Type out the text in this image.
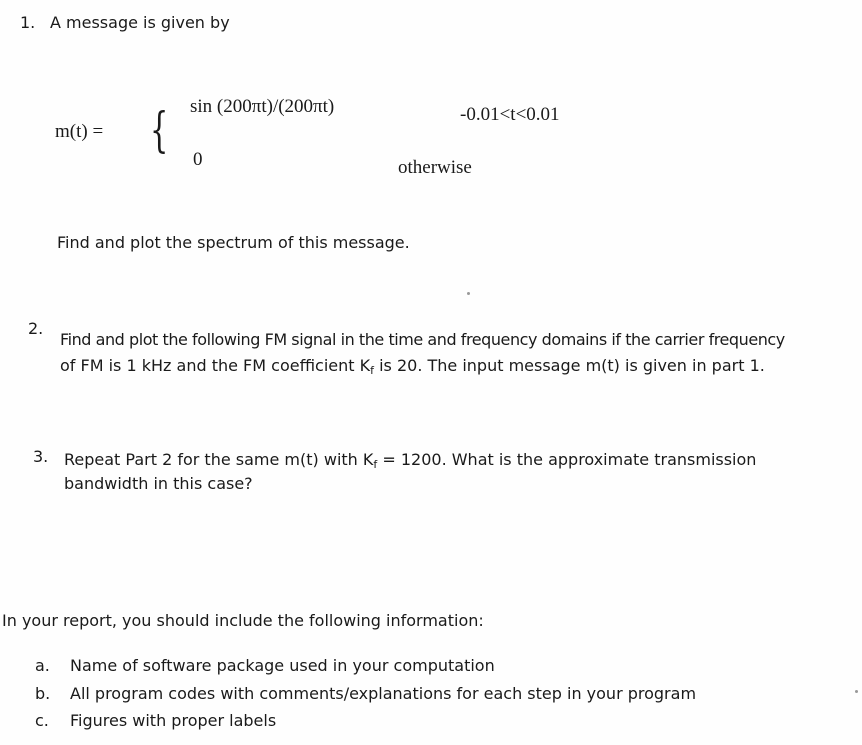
1. A message is given by
m(t) = { sin (200πt)/(200πt)	-0.01<t<0.01
0	otherwise
Find and plot the spectrum of this message.
2.
Find and plot the following FM signal in the time and frequency domains if the carrier frequency
of FM is 1 kHz and the FM coefficient $K_f$ is 20. The input message m(t) is given in part 1.
3. Repeat Part 2 for the same m(t) with $K_f = 1200$. What is the approximate transmission
bandwidth in this case?
In your report, you should include the following information:
a. Name of software package used in your computation
b. All program codes with comments/explanations for each step in your program
c. Figures with proper labels
